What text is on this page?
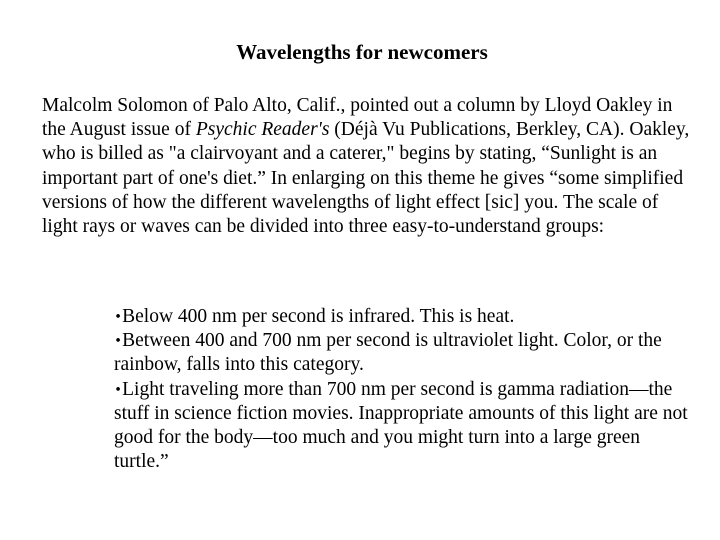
Wavelengths for newcomers

Malcolm Solomon of Palo Alto, Calif., pointed out a column by Lloyd Oakley in the August issue of Psychic Reader's (Déjà Vu Publications, Berkley, CA). Oakley, who is billed as "a clairvoyant and a caterer," begins by stating, “Sunlight is an important part of one's diet.” In enlarging on this theme he gives “some simplified versions of how the different wavelengths of light effect [sic] you. The scale of light rays or waves can be divided into three easy-to-understand groups:

∙Below 400 nm per second is infrared. This is heat.
∙Between 400 and 700 nm per second is ultraviolet light. Color, or the rainbow, falls into this category.
∙Light traveling more than 700 nm per second is gamma radiation—the stuff in science fiction movies. Inappropriate amounts of this light are not good for the body—too much and you might turn into a large green turtle.”
